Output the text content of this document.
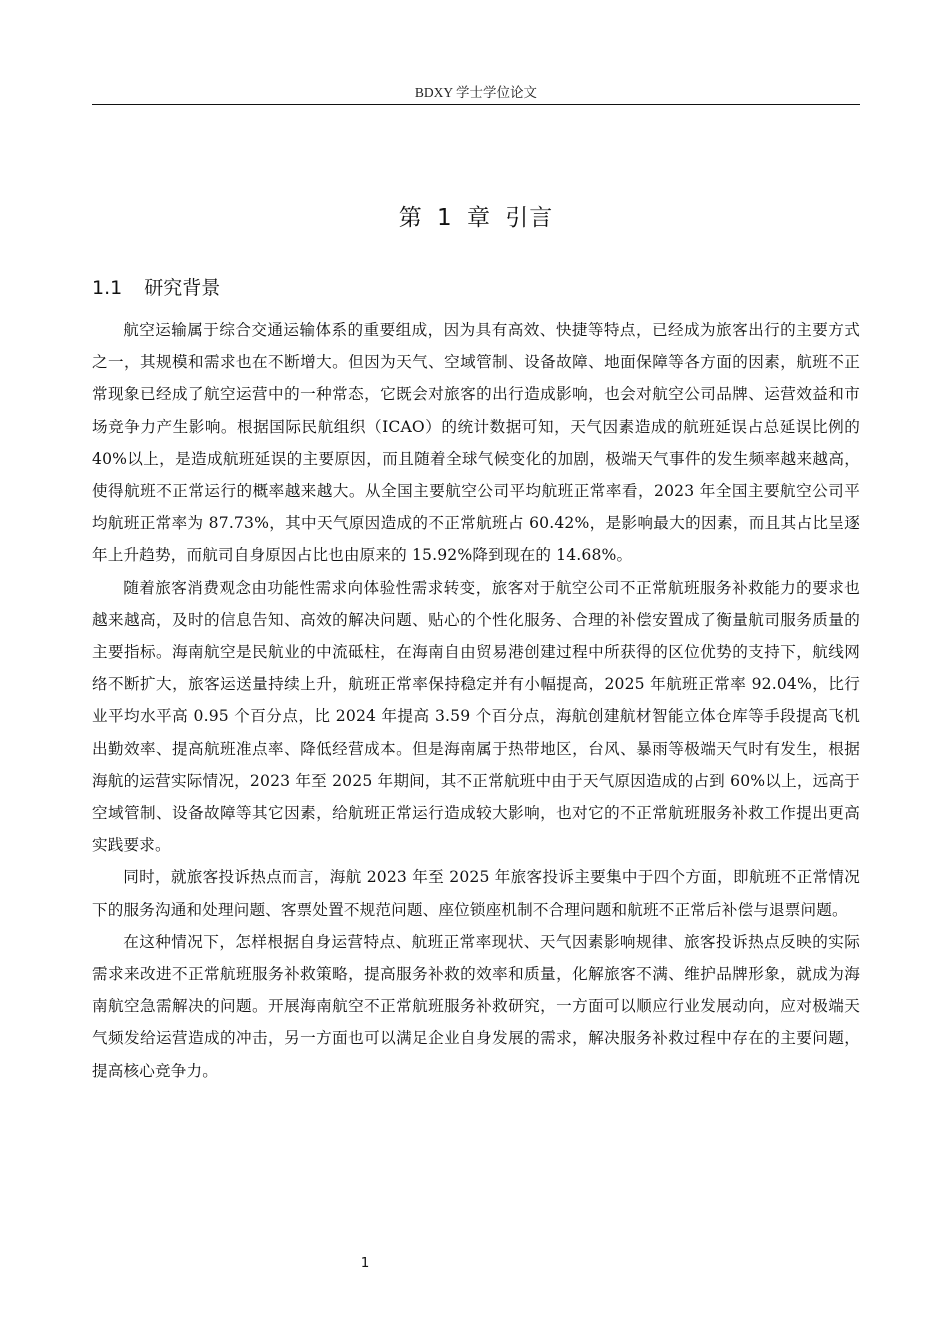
BDXY 学士学位论文
第 1 章 引言
1.1 研究背景

航空运输属于综合交通运输体系的重要组成，因为具有高效、快捷等特点，已经成为旅客出行的主要方式之一，其规模和需求也在不断增大。但因为天气、空域管制、设备故障、地面保障等各方面的因素，航班不正常现象已经成了航空运营中的一种常态，它既会对旅客的出行造成影响，也会对航空公司品牌、运营效益和市场竞争力产生影响。根据国际民航组织（ICAO）的统计数据可知，天气因素造成的航班延误占总延误比例的 40%以上，是造成航班延误的主要原因，而且随着全球气候变化的加剧，极端天气事件的发生频率越来越高，使得航班不正常运行的概率越来越大。从全国主要航空公司平均航班正常率看，2023 年全国主要航空公司平均航班正常率为 87.73%，其中天气原因造成的不正常航班占 60.42%，是影响最大的因素，而且其占比呈逐年上升趋势，而航司自身原因占比也由原来的 15.92%降到现在的 14.68%。

随着旅客消费观念由功能性需求向体验性需求转变，旅客对于航空公司不正常航班服务补救能力的要求也越来越高，及时的信息告知、高效的解决问题、贴心的个性化服务、合理的补偿安置成了衡量航司服务质量的主要指标。海南航空是民航业的中流砥柱，在海南自由贸易港创建过程中所获得的区位优势的支持下，航线网络不断扩大，旅客运送量持续上升，航班正常率保持稳定并有小幅提高，2025 年航班正常率 92.04%，比行业平均水平高 0.95 个百分点，比 2024 年提高 3.59 个百分点，海航创建航材智能立体仓库等手段提高飞机出勤效率、提高航班准点率、降低经营成本。但是海南属于热带地区，台风、暴雨等极端天气时有发生，根据海航的运营实际情况，2023 年至 2025 年期间，其不正常航班中由于天气原因造成的占到 60%以上，远高于空域管制、设备故障等其它因素，给航班正常运行造成较大影响，也对它的不正常航班服务补救工作提出更高实践要求。

同时，就旅客投诉热点而言，海航 2023 年至 2025 年旅客投诉主要集中于四个方面，即航班不正常情况下的服务沟通和处理问题、客票处置不规范问题、座位锁座机制不合理问题和航班不正常后补偿与退票问题。

在这种情况下，怎样根据自身运营特点、航班正常率现状、天气因素影响规律、旅客投诉热点反映的实际需求来改进不正常航班服务补救策略，提高服务补救的效率和质量，化解旅客不满、维护品牌形象，就成为海南航空急需解决的问题。开展海南航空不正常航班服务补救研究，一方面可以顺应行业发展动向，应对极端天气频发给运营造成的冲击，另一方面也可以满足企业自身发展的需求，解决服务补救过程中存在的主要问题，提高核心竞争力。

1
